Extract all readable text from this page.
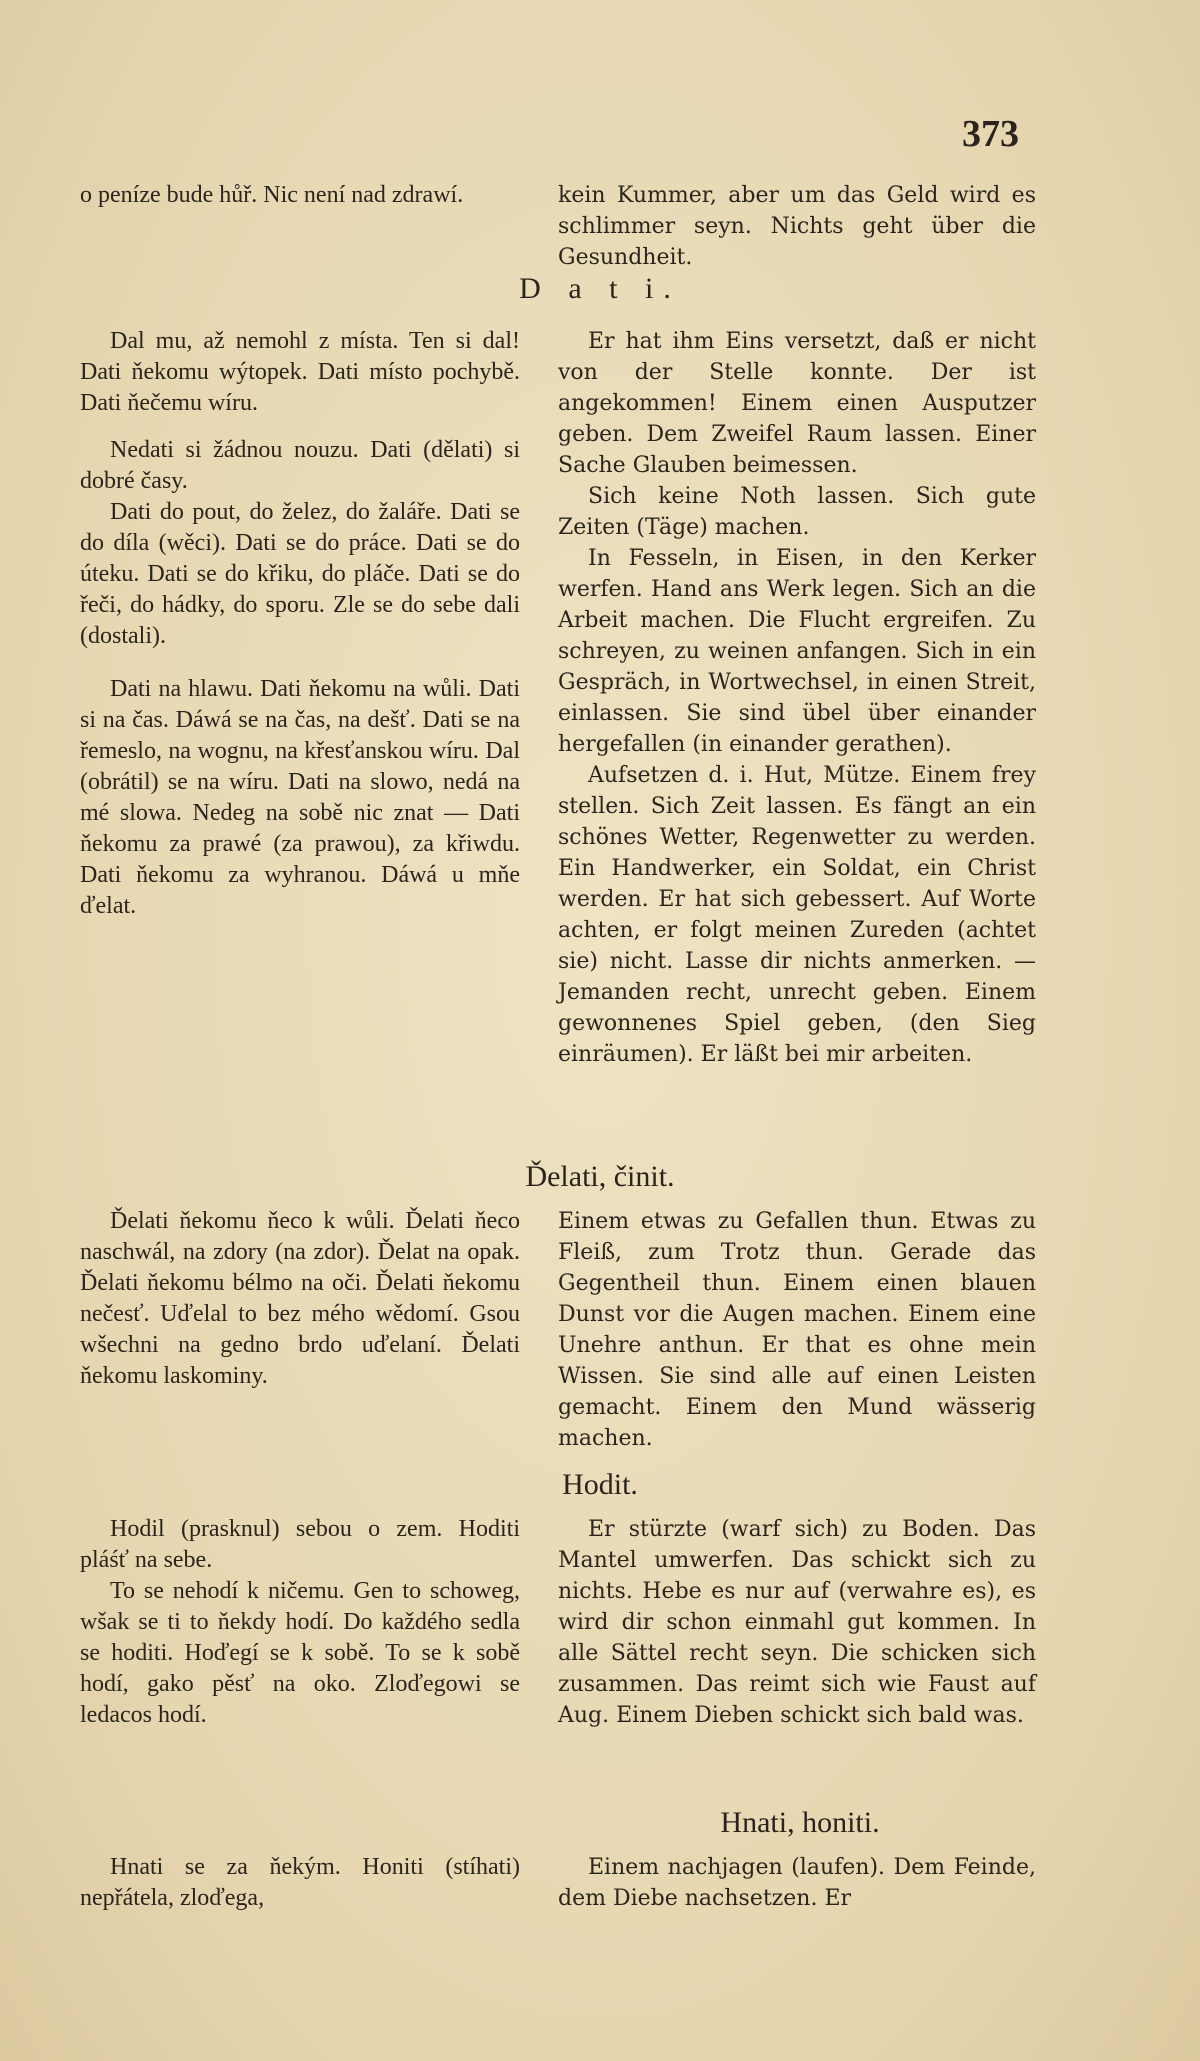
373

o peníze bude hůř. Nic není nad zdrawí.	kein Kummer, aber um das Geld wird es schlimmer seyn. Nichts geht über die Gesundheit.

D a t i.

Dal mu, až nemohl z místa. Ten si dal! Dati ňekomu wýtopek. Dati místo pochybě. Dati ňečemu wíru.

Nedati si žádnou nouzu. Dati (dělati) si dobré časy.

Dati do pout, do želez, do žaláře. Dati se do díla (wěci). Dati se do práce. Dati se do úteku. Dati se do křiku, do pláče. Dati se do řeči, do hádky, do sporu. Zle se do sebe dali (dostali).

Dati na hlawu. Dati ňekomu na wůli. Dati si na čas. Dáwá se na čas, na dešť. Dati se na řemeslo, na wognu, na křesťanskou wíru. Dal (obrátil) se na wíru. Dati na slowo, nedá na mé slowa. Nedeg na sobě nic znat — Dati ňekomu za prawé (za prawou), za křiwdu. Dati ňekomu za wyhranou. Dáwá u mňe ďelat.

Er hat ihm Eins versetzt, daß er nicht von der Stelle konnte. Der ist angekommen! Einem einen Ausputzer geben. Dem Zweifel Raum lassen. Einer Sache Glauben beimessen.

Sich keine Noth lassen. Sich gute Zeiten (Täge) machen.

In Fesseln, in Eisen, in den Kerker werfen. Hand ans Werk legen. Sich an die Arbeit machen. Die Flucht ergreifen. Zu schreyen, zu weinen anfangen. Sich in ein Gespräch, in Wortwechsel, in einen Streit, einlassen. Sie sind übel über einander hergefallen (in einander gerathen).

Aufsetzen d. i. Hut, Mütze. Einem frey stellen. Sich Zeit lassen. Es fängt an ein schönes Wetter, Regenwetter zu werden. Ein Handwerker, ein Soldat, ein Christ werden. Er hat sich gebessert. Auf Worte achten, er folgt meinen Zureden (achtet sie) nicht. Lasse dir nichts anmerken. — Jemanden recht, unrecht geben. Einem gewonnenes Spiel geben, (den Sieg einräumen). Er läßt bei mir arbeiten.

Ďelati, činit.

Ďelati ňekomu ňeco k wůli. Ďelati ňeco naschwál, na zdory (na zdor). Ďelat na opak. Ďelati ňekomu bélmo na oči. Ďelati ňekomu nečesť. Uďelal to bez mého wědomí. Gsou wšechni na gedno brdo uďelaní. Ďelati ňekomu laskominy.

Einem etwas zu Gefallen thun. Etwas zu Fleiß, zum Trotz thun. Gerade das Gegentheil thun. Einem einen blauen Dunst vor die Augen machen. Einem eine Unehre anthun. Er that es ohne mein Wissen. Sie sind alle auf einen Leisten gemacht. Einem den Mund wässerig machen.

Hodit.

Hodil (prasknul) sebou o zem. Hoditi pláśť na sebe.

To se nehodí k ničemu. Gen to schoweg, wšak se ti to ňekdy hodí. Do každého sedla se hoditi. Hoďegí se k sobě. To se k sobě hodí, gako pěsť na oko. Zloďegowi se ledacos hodí.

Er stürzte (warf sich) zu Boden. Das Mantel umwerfen. Das schickt sich zu nichts. Hebe es nur auf (verwahre es), es wird dir schon einmahl gut kommen. In alle Sättel recht seyn. Die schicken sich zusammen. Das reimt sich wie Faust auf Aug. Einem Dieben schickt sich bald was.

Hnati, honiti.

Hnati se za ňekým. Honiti (stíhati) nepřátela, zloďega,

Einem nachjagen (laufen). Dem Feinde, dem Diebe nachsetzen. Er
